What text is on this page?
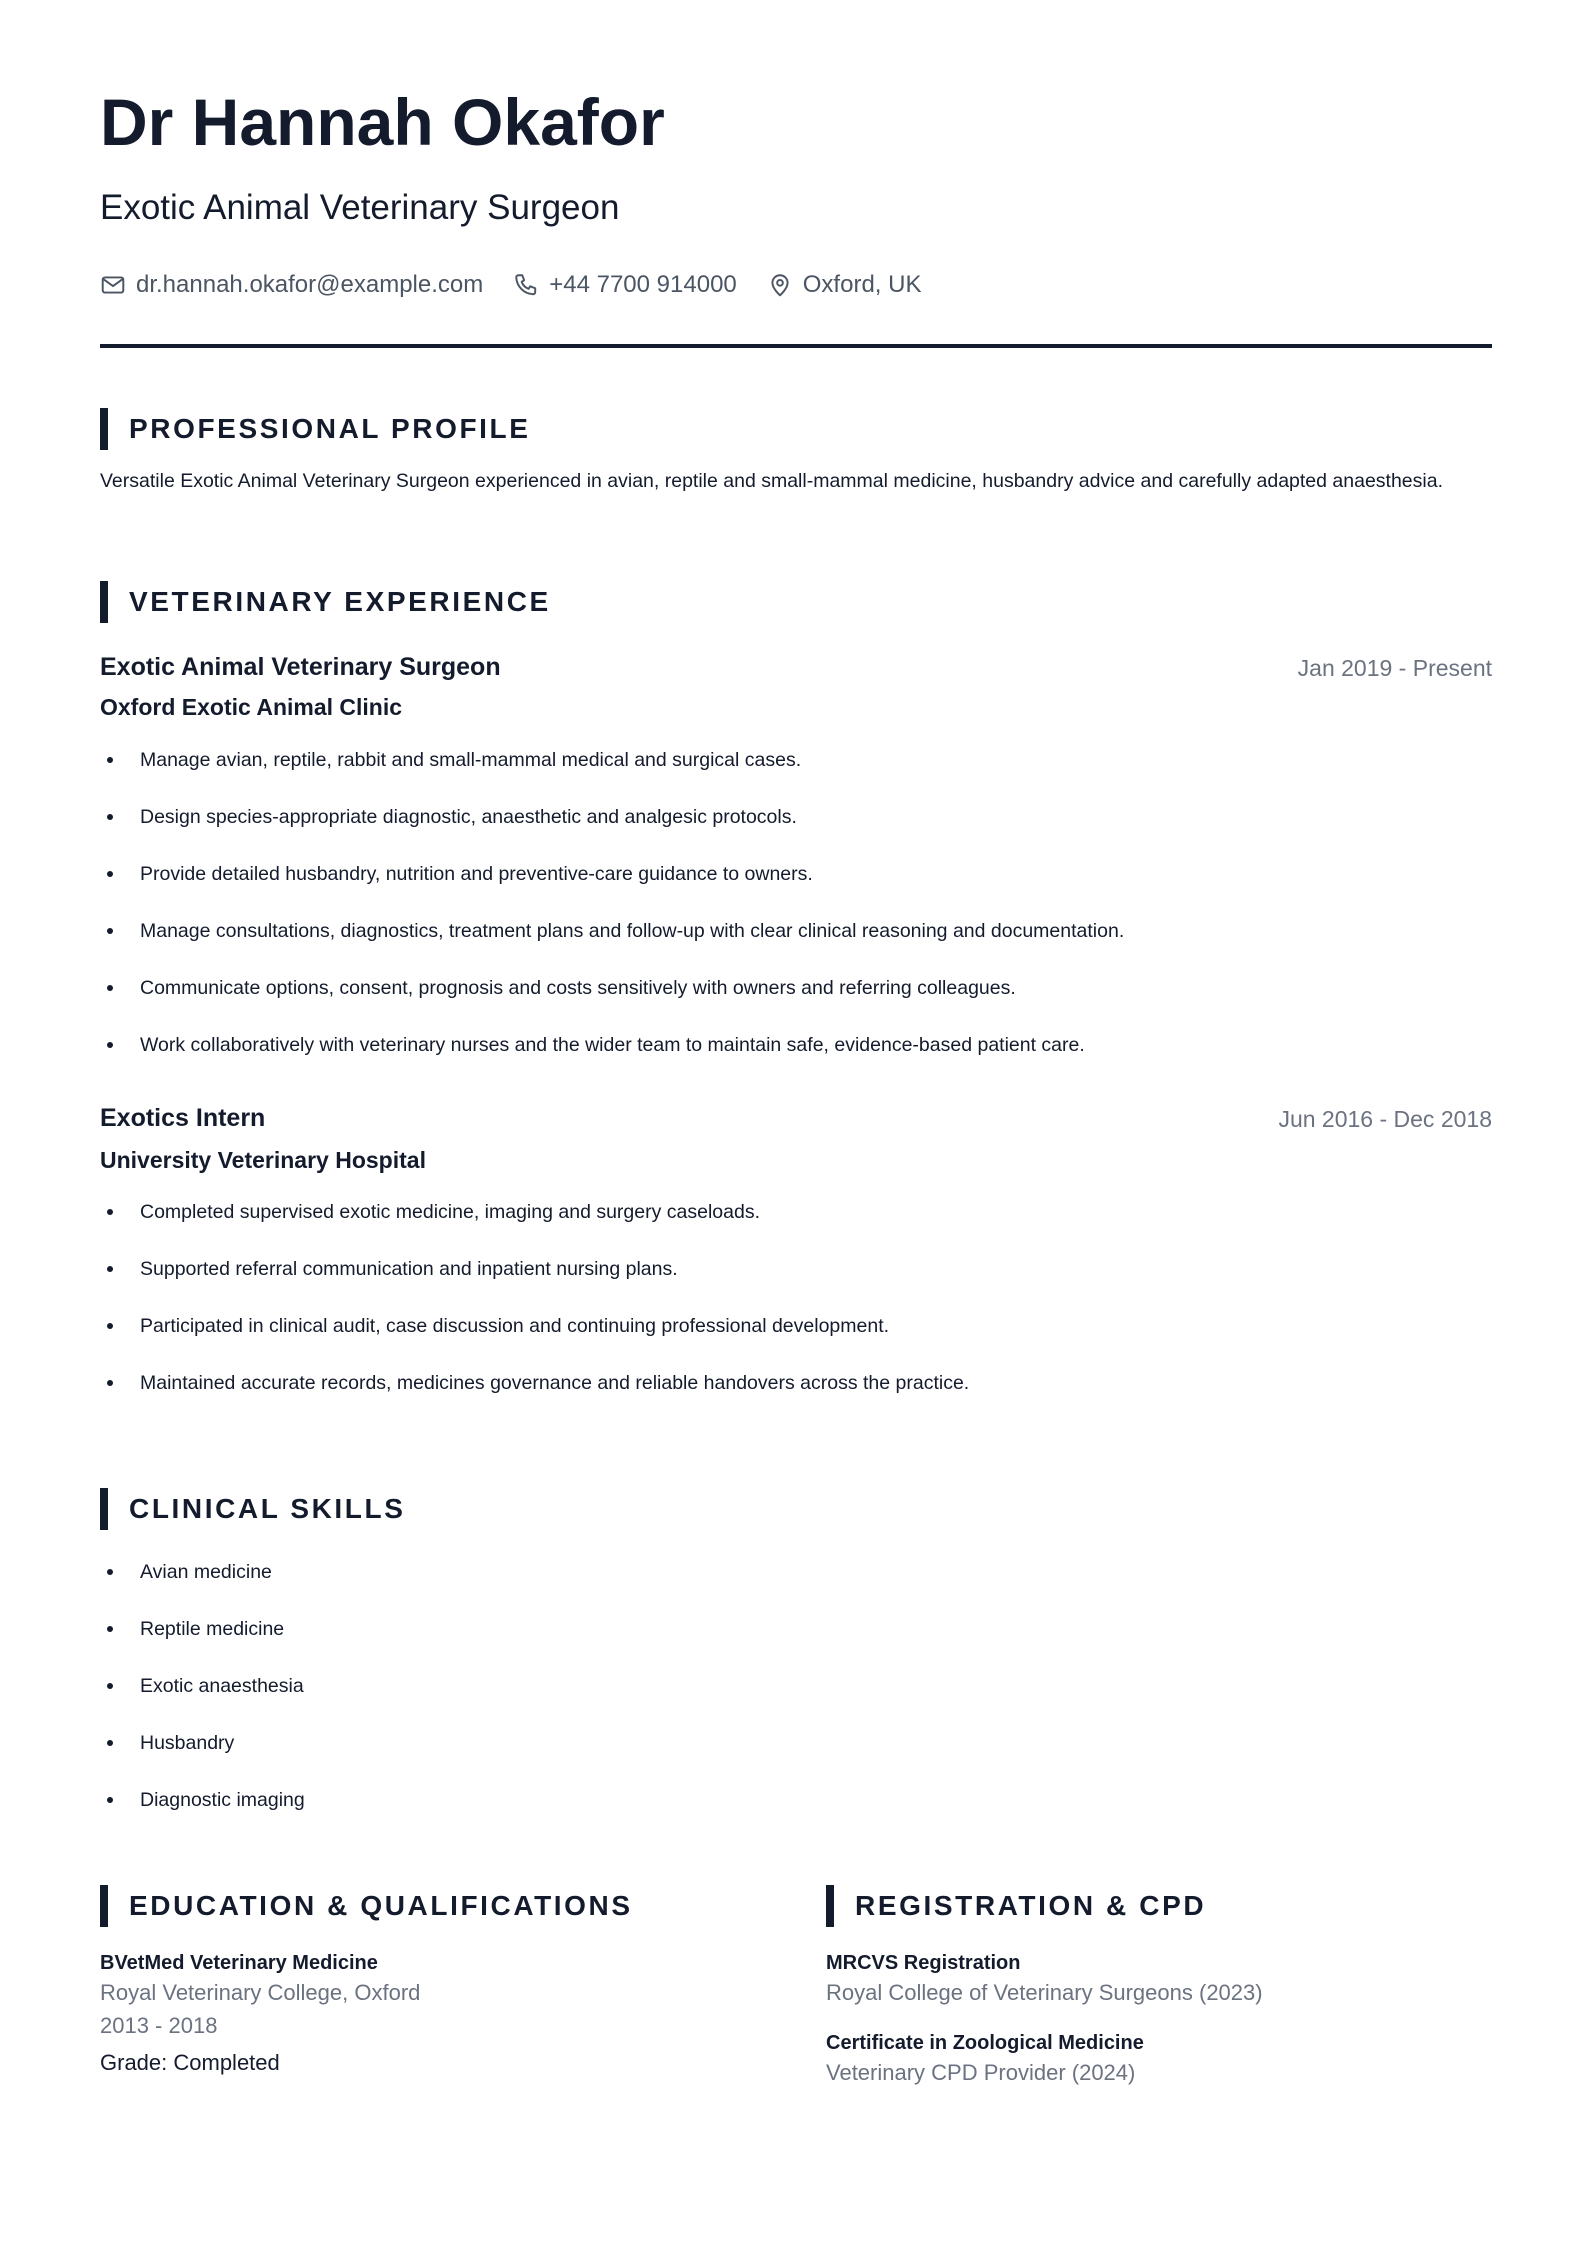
Dr Hannah Okafor
Exotic Animal Veterinary Surgeon
dr.hannah.okafor@example.com	+44 7700 914000	Oxford, UK
PROFESSIONAL PROFILE

Versatile Exotic Animal Veterinary Surgeon experienced in avian, reptile and small-mammal medicine, husbandry advice and carefully adapted anaesthesia.

VETERINARY EXPERIENCE
Exotic Animal Veterinary Surgeon	Jan 2019 - Present
Oxford Exotic Animal Clinic
Manage avian, reptile, rabbit and small-mammal medical and surgical cases.
Design species-appropriate diagnostic, anaesthetic and analgesic protocols.
Provide detailed husbandry, nutrition and preventive-care guidance to owners.
Manage consultations, diagnostics, treatment plans and follow-up with clear clinical reasoning and documentation.
Communicate options, consent, prognosis and costs sensitively with owners and referring colleagues.
Work collaboratively with veterinary nurses and the wider team to maintain safe, evidence-based patient care.
Exotics Intern	Jun 2016 - Dec 2018
University Veterinary Hospital
Completed supervised exotic medicine, imaging and surgery caseloads.
Supported referral communication and inpatient nursing plans.
Participated in clinical audit, case discussion and continuing professional development.
Maintained accurate records, medicines governance and reliable handovers across the practice.
CLINICAL SKILLS
Avian medicine
Reptile medicine
Exotic anaesthesia
Husbandry
Diagnostic imaging
EDUCATION & QUALIFICATIONS
BVetMed Veterinary Medicine
Royal Veterinary College, Oxford
2013 - 2018
Grade: Completed
REGISTRATION & CPD
MRCVS Registration
Royal College of Veterinary Surgeons (2023)
Certificate in Zoological Medicine
Veterinary CPD Provider (2024)
